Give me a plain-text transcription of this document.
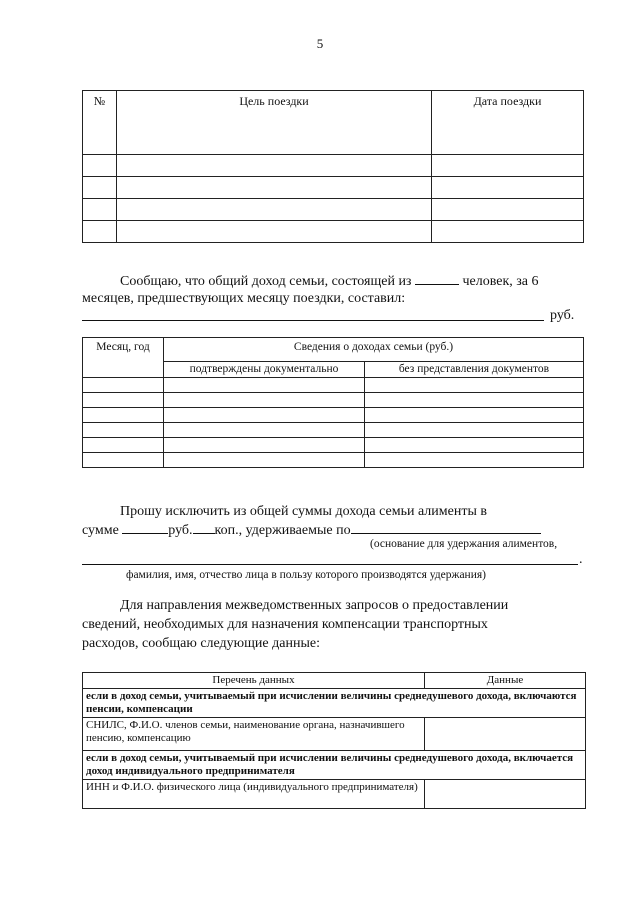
5
№	Цель поездки	Дата поездки

Сообщаю, что общий доход семьи, состоящей из	человек, за 6
месяцев, предшествующих месяцу поездки, составил:
руб.
Месяц, год	Сведения о доходах семьи (руб.)	
	подтверждены документально	без представления документов

Прошу исключить из общей суммы дохода семьи алименты в
сумме	руб. коп., удерживаемые по
(основание для удержания алиментов,
.
фамилия, имя, отчество лица в пользу которого производятся удержания)
Для направления межведомственных запросов о предоставлении
сведений, необходимых для назначения компенсации транспортных
расходов, сообщаю следующие данные:
Перечень данных	Данные
если в доход семьи, учитываемый при исчислении величины среднедушевого дохода, включаются пенсии, компенсации	
СНИЛС, Ф.И.О. членов семьи, наименование органа, назначившего пенсию, компенсацию	
если в доход семьи, учитываемый при исчислении величины среднедушевого дохода, включается доход индивидуального предпринимателя	
ИНН и Ф.И.О. физического лица (индивидуального предпринимателя)	
